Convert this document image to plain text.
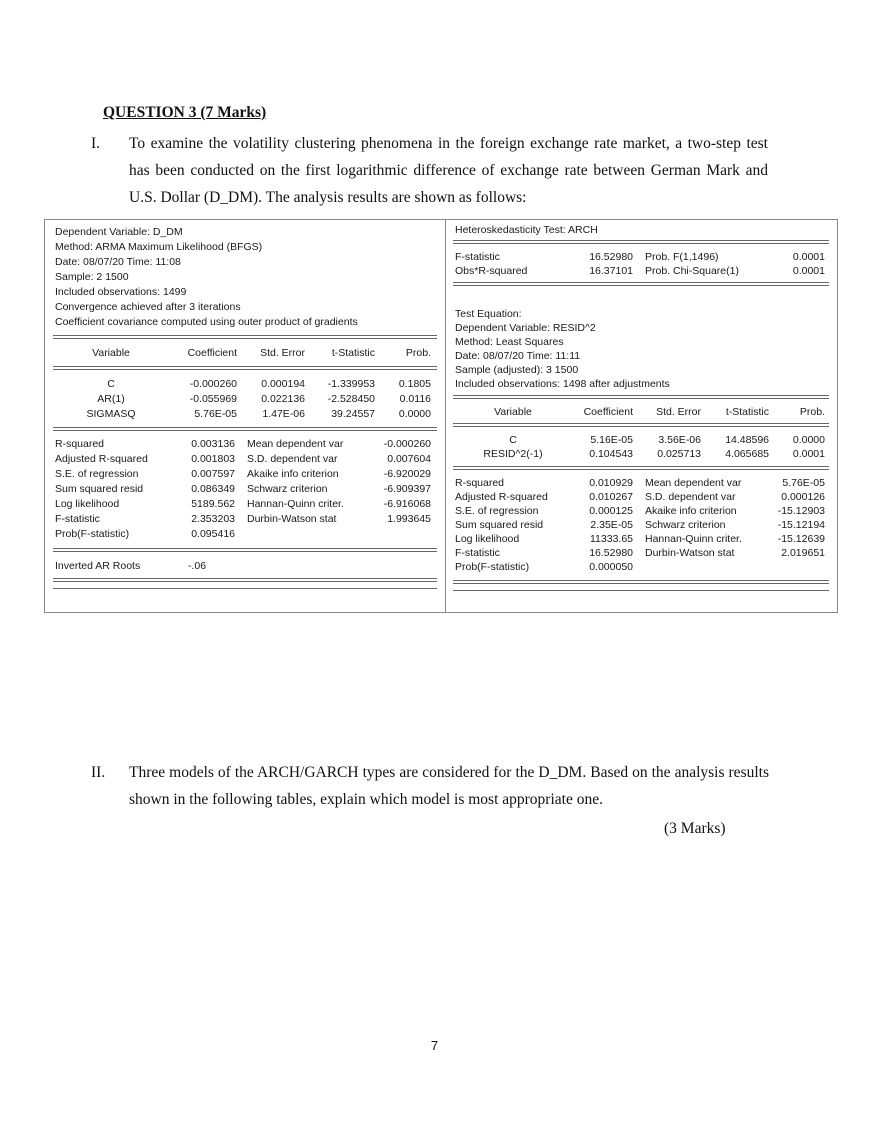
QUESTION 3 (7 Marks)
I. To examine the volatility clustering phenomena in the foreign exchange rate market, a two-step test has been conducted on the first logarithmic difference of exchange rate between German Mark and U.S. Dollar (D_DM). The analysis results are shown as follows:
Dependent Variable: D_DM
Method: ARMA Maximum Likelihood (BFGS)
Date: 08/07/20 Time: 11:08
Sample: 2 1500
Included observations: 1499
Convergence achieved after 3 iterations
Coefficient covariance computed using outer product of gradients
Variable	Coefficient	Std. Error	t-Statistic	Prob.
C	-0.000260	0.000194	-1.339953	0.1805
AR(1)	-0.055969	0.022136	-2.528450	0.0116
SIGMASQ	5.76E-05	1.47E-06	39.24557	0.0000
R-squared	0.003136 Mean dependent var	-0.000260
Adjusted R-squared	0.001803 S.D. dependent var	0.007604
S.E. of regression	0.007597 Akaike info criterion	-6.920029
Sum squared resid	0.086349 Schwarz criterion	-6.909397
Log likelihood	5189.562 Hannan-Quinn criter.	-6.916068
F-statistic	2.353203 Durbin-Watson stat	1.993645
Prob(F-statistic)	0.095416
Inverted AR Roots	-.06
Heteroskedasticity Test: ARCH
F-statistic	16.52980 Prob. F(1,1496)	0.0001
Obs*R-squared	16.37101 Prob. Chi-Square(1)	0.0001
Test Equation:
Dependent Variable: RESID^2
Method: Least Squares
Date: 08/07/20 Time: 11:11
Sample (adjusted): 3 1500
Included observations: 1498 after adjustments
Variable	Coefficient	Std. Error	t-Statistic	Prob.
C	5.16E-05	3.56E-06	14.48596	0.0000
RESID^2(-1)	0.104543	0.025713	4.065685	0.0001
R-squared	0.010929 Mean dependent var	5.76E-05
Adjusted R-squared	0.010267 S.D. dependent var	0.000126
S.E. of regression	0.000125 Akaike info criterion	-15.12903
Sum squared resid	2.35E-05 Schwarz criterion	-15.12194
Log likelihood	11333.65 Hannan-Quinn criter.	-15.12639
F-statistic	16.52980 Durbin-Watson stat	2.019651
Prob(F-statistic)	0.000050
II. Three models of the ARCH/GARCH types are considered for the D_DM. Based on the analysis results shown in the following tables, explain which model is most appropriate one.
(3 Marks)
7
